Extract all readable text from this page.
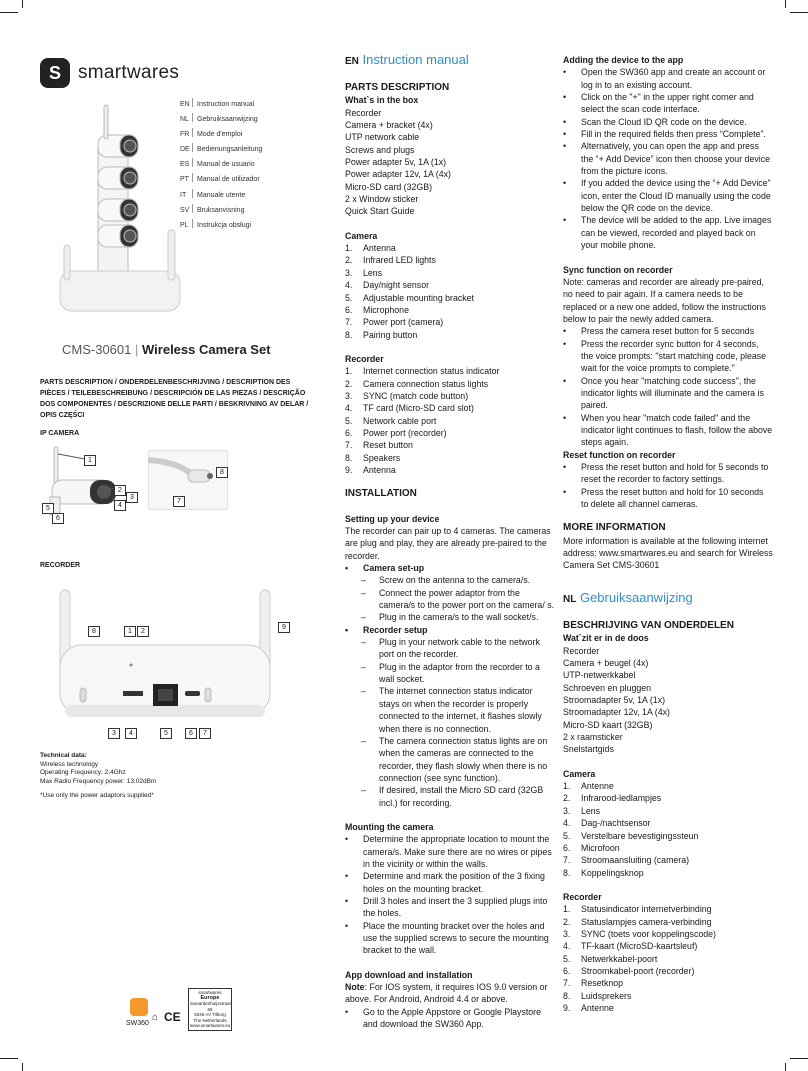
S smartwares
EN Instruction manual
NL Gebruiksaanwijzing
FR Mode d'emploi
DE Bedienungsanleitung
ES Manual de usuario
PT Manual de utilizador
IT Manuale utente
SV Bruksanvisning
PL Instrukcja obsługi
CMS-30601 | Wireless Camera Set
PARTS DESCRIPTION / ONDERDELENBESCHRIJVING / DESCRIPTION DES PIÈCES / TEILEBESCHREIBUNG / DESCRIPCIÓN DE LAS PIEZAS / DESCRIÇÃO DOS COMPONENTES / DESCRIZIONE DELLE PARTI / BESKRIVNING AV DELAR / OPIS CZĘŚCI
IP CAMERA
1
2
3
4
5
6
7
8
RECORDER
8	1	2
9
3	4	5	6	7
Technical data:
Wireless technology
Operating Frequency: 2,4Ghz
Max Radio Frequency power: 13.02dBm
*Use only the power adaptors supplied*
SW360
⌂ CE
smartwares
Europe
Sweardenhuijsstraat 65
5048 AV Tilburg
The Netherlands
www.smartwares.eu
EN Instruction manual
PARTS DESCRIPTION
What`s in the box
Recorder
Camera + bracket (4x)
UTP network cable
Screws and plugs
Power adapter 5v, 1A (1x)
Power adapter 12v, 1A (4x)
Micro-SD card (32GB)
2 x Window sticker
Quick Start Guide
Camera
1. Antenna
2. Infrared LED lights
3. Lens
4. Day/night sensor
5. Adjustable mounting bracket
6. Microphone
7. Power port (camera)
8. Pairing button
Recorder
1. Internet connection status indicator
2. Camera connection status lights
3. SYNC (match code button)
4. TF card (Micro-SD card slot)
5. Network cable port
6. Power port (recorder)
7. Reset button
8. Speakers
9. Antenna
INSTALLATION
Setting up your device
The recorder can pair up to 4 cameras. The cameras are plug and play, they are already pre-paired to the recorder.
• Camera set-up
– Screw on the antenna to the camera/s.
– Connect the power adaptor from the camera/s to the power port on the camera/ s.
– Plug in the camera/s to the wall socket/s.
• Recorder setup
– Plug in your network cable to the network port on the recorder.
– Plug in the adaptor from the recorder to a wall socket.
– The internet connection status indicator stays on when the recorder is properly connected to the internet, it flashes slowly when there is no connection.
– The camera connection status lights are on when the cameras are connected to the recorder, they flash slowly when there is no connection (see sync function).
– If desired, install the Micro SD card (32GB incl.) for recording.
Mounting the camera
• Determine the appropriate location to mount the camera/s. Make sure there are no wires or pipes in the vicinity or within the walls.
• Determine and mark the position of the 3 fixing holes on the mounting bracket.
• Drill 3 holes and insert the 3 supplied plugs into the holes.
• Place the mounting bracket over the holes and use the supplied screws to secure the mounting bracket to the wall.
App download and installation
Note: For IOS system, it requires IOS 9.0 version or above. For Android, Android 4.4 or above.
• Go to the Apple Appstore or Google Playstore and download the SW360 App.
Adding the device to the app
• Open the SW360 app and create an account or log in to an existing account.
• Click on the "+" in the upper right corner and select the scan code interface.
• Scan the Cloud ID QR code on the device.
• Fill in the required fields then press “Complete”.
• Alternatively, you can open the app and press the “+ Add Device” icon then choose your device from the picture icons.
• If you added the device using the “+ Add Device” icon, enter the Cloud ID manually using the code below the QR code on the device.
• The device will be added to the app. Live images can be viewed, recorded and played back on your mobile phone.
Sync function on recorder
Note: cameras and recorder are already pre-paired, no need to pair again. If a camera needs to be replaced or a new one added, follow the instructions below to pair the newly added camera.
• Press the camera reset button for 5 seconds
• Press the recorder sync button for 4 seconds, the voice prompts: "start matching code, please wait for the voice prompts to complete."
• Once you hear "matching code success", the indicator lights will illuminate and the camera is paired.
• When you hear "match code failed" and the indicator light continues to flash, follow the above steps again.
Reset function on recorder
• Press the reset button and hold for 5 seconds to reset the recorder to factory settings.
• Press the reset button and hold for 10 seconds to delete all channel cameras.
MORE INFORMATION
More information is available at the following internet address: www.smartwares.eu and search for Wireless Camera Set CMS-30601
NL Gebruiksaanwijzing
BESCHRIJVING VAN ONDERDELEN
Wat`zit er in de doos
Recorder
Camera + beugel (4x)
UTP-netwerkkabel
Schroeven en pluggen
Stroomadapter 5v, 1A (1x)
Stroomadapter 12v, 1A (4x)
Micro-SD kaart (32GB)
2 x raamsticker
Snelstartgids
Camera
1. Antenne
2. Infrarood-ledlampjes
3. Lens
4. Dag-/nachtsensor
5. Verstelbare bevestigingssteun
6. Microfoon
7. Stroomaansluiting (camera)
8. Koppelingsknop
Recorder
1. Statusindicator internetverbinding
2. Statuslampjes camera-verbinding
3. SYNC (toets voor koppelingscode)
4. TF-kaart (MicroSD-kaartsleuf)
5. Netwerkkabel-poort
6. Stroomkabel-poort (recorder)
7. Resetknop
8. Luidsprekers
9. Antenne
